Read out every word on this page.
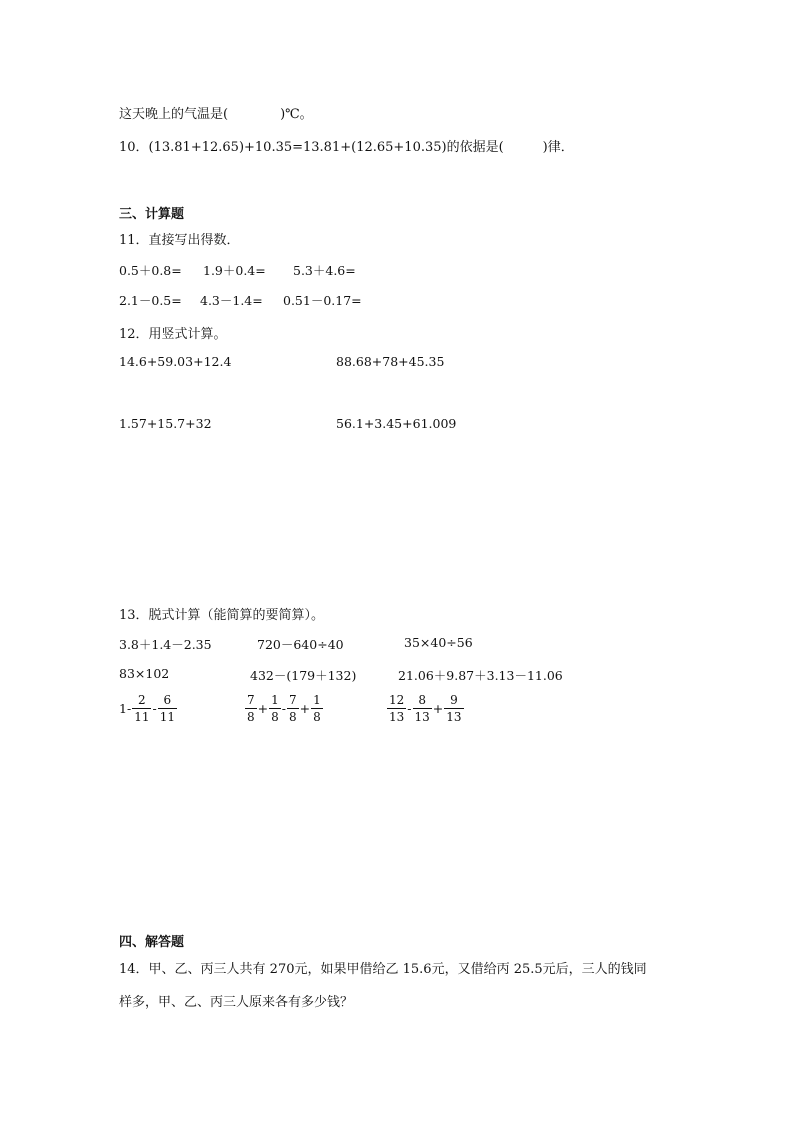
这天晚上的气温是(　　　　)℃。
10．(13.81+12.65)+10.35=13.81+(12.65+10.35)的依据是(　　　)律．
三、计算题
11．直接写出得数．
0.5＋0.8= 1.9＋0.4= 5.3＋4.6=
2.1－0.5= 4.3－1.4= 0.51－0.17=
12．用竖式计算。
14.6+59.03+12.4	88.68+78+45.35
1.57+15.7+32	56.1+3.45+61.009
13．脱式计算（能简算的要简算）。
3.8＋1.4－2.35	720－640÷40	35×40÷56
83×102	432－(179＋132)	21.06＋9.87＋3.13－11.06
$1- \frac{2}{11} - \frac{6}{11}$	$\frac{7}{8} + \frac{1}{8} - \frac{7}{8} + \frac{1}{8}$	$\frac{12}{13} - \frac{8}{13} + \frac{9}{13}$
四、解答题
14．甲、乙、丙三人共有 270元，如果甲借给乙 15.6元，又借给丙 25.5元后，三人的钱同
样多，甲、乙、丙三人原来各有多少钱？
